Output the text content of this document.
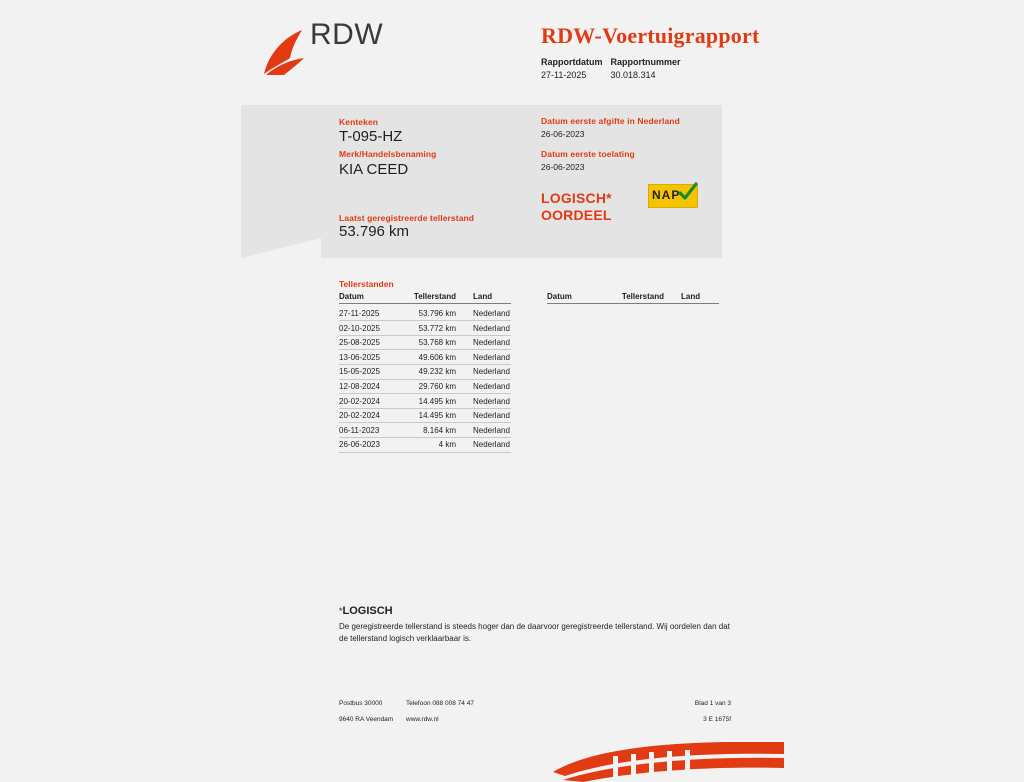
RDW	RDW-Voertuigrapport
Rapportdatum
27-11-2025

Rapportnummer
30.018.314
Kenteken
T-095-HZ
Merk/Handelsbenaming
KIA CEED
Laatst geregistreerde tellerstand
53.796 km
Datum eerste afgifte in Nederland
26-06-2023
Datum eerste toelating
26-06-2023
LOGISCH*
OORDEEL
NAP
Tellerstanden
Datum	Tellerstand Land	Datum	Tellerstand Land
27-11-2025	53.796 km Nederland
02-10-2025	53.772 km Nederland
25-08-2025	53.768 km Nederland
13-06-2025	49.606 km Nederland
15-05-2025	49.232 km Nederland
12-08-2024	29.760 km Nederland
20-02-2024	14.495 km Nederland
20-02-2024	14.495 km Nederland
06-11-2023	8.164 km Nederland
26-06-2023	4 km Nederland
*LOGISCH
De geregistreerde tellerstand is steeds hoger dan de daarvoor geregistreerde tellerstand. Wij oordelen dan dat de tellerstand logisch verklaarbaar is.
Postbus 30000	Telefoon 088 008 74 47	Blad 1 van 3
9640 RA Veendam www.rdw.nl	3 E 1675f
